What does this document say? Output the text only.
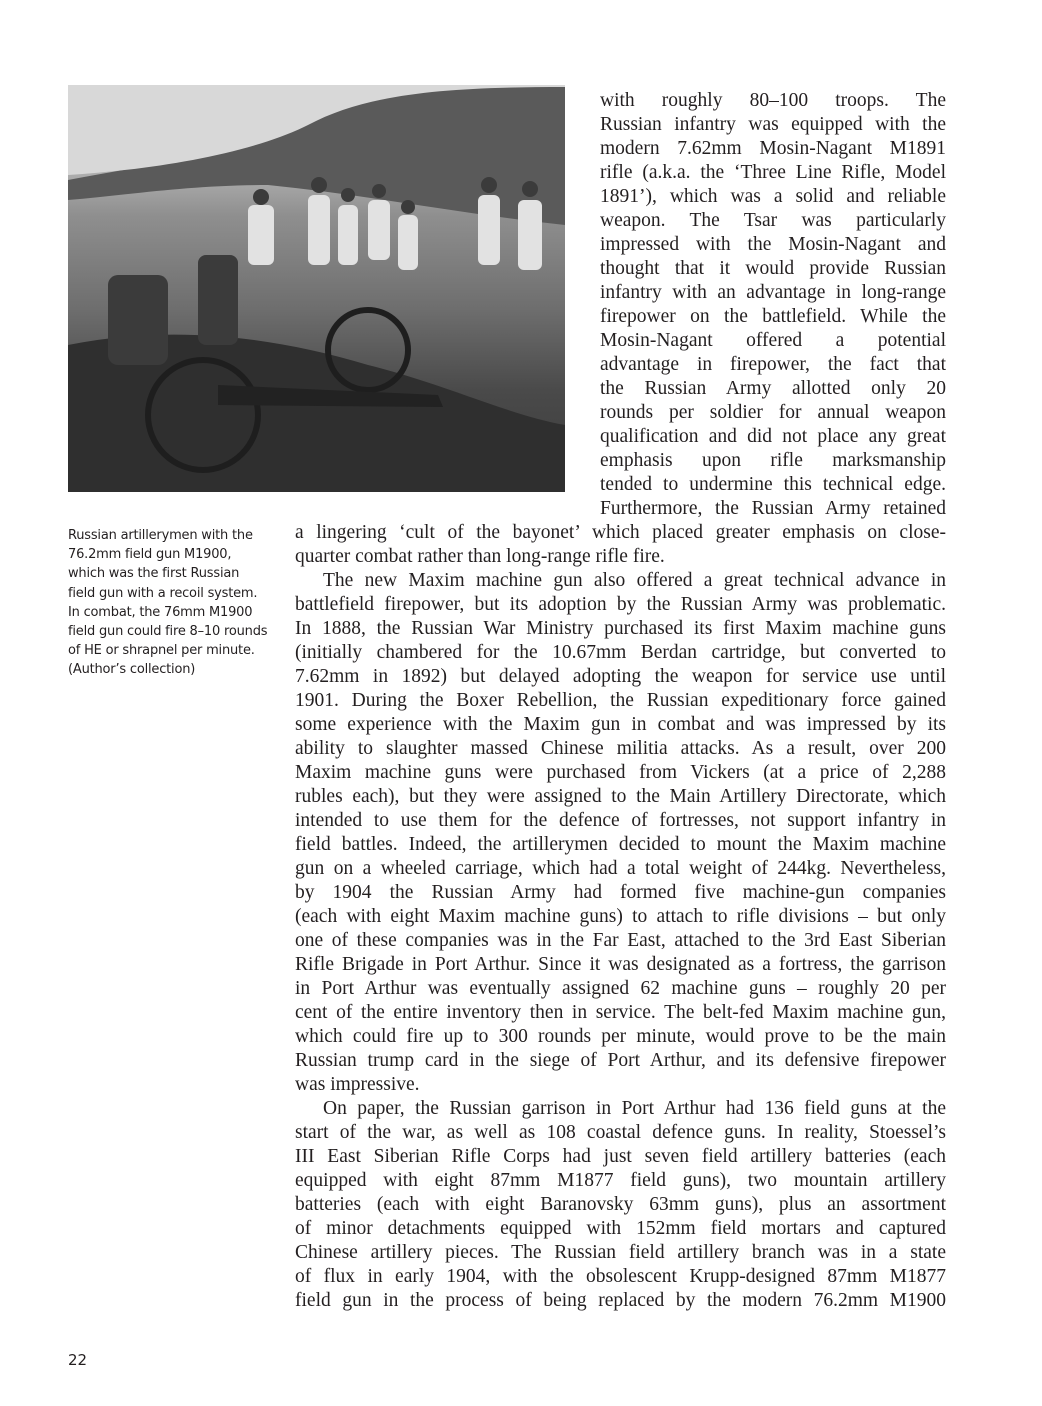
Russian artillerymen with the
76.2mm field gun M1900,
which was the first Russian
field gun with a recoil system.
In combat, the 76mm M1900
field gun could fire 8–10 rounds
of HE or shrapnel per minute.
(Author’s collection)
with roughly 80–100 troops. The
Russian infantry was equipped with the
modern 7.62mm Mosin-Nagant M1891
rifle (a.k.a. the ‘Three Line Rifle, Model
1891’), which was a solid and reliable
weapon. The Tsar was particularly
impressed with the Mosin-Nagant and
thought that it would provide Russian
infantry with an advantage in long-range
firepower on the battlefield. While the
Mosin-Nagant offered a potential
advantage in firepower, the fact that
the Russian Army allotted only 20
rounds per soldier for annual weapon
qualification and did not place any great
emphasis upon rifle marksmanship
tended to undermine this technical edge.
Furthermore, the Russian Army retained
a lingering ‘cult of the bayonet’ which placed greater emphasis on close-
quarter combat rather than long-range rifle fire.
The new Maxim machine gun also offered a great technical advance in
battlefield firepower, but its adoption by the Russian Army was problematic.
In 1888, the Russian War Ministry purchased its first Maxim machine guns
(initially chambered for the 10.67mm Berdan cartridge, but converted to
7.62mm in 1892) but delayed adopting the weapon for service use until
1901. During the Boxer Rebellion, the Russian expeditionary force gained
some experience with the Maxim gun in combat and was impressed by its
ability to slaughter massed Chinese militia attacks. As a result, over 200
Maxim machine guns were purchased from Vickers (at a price of 2,288
rubles each), but they were assigned to the Main Artillery Directorate, which
intended to use them for the defence of fortresses, not support infantry in
field battles. Indeed, the artillerymen decided to mount the Maxim machine
gun on a wheeled carriage, which had a total weight of 244kg. Nevertheless,
by 1904 the Russian Army had formed five machine-gun companies
(each with eight Maxim machine guns) to attach to rifle divisions – but only
one of these companies was in the Far East, attached to the 3rd East Siberian
Rifle Brigade in Port Arthur. Since it was designated as a fortress, the garrison
in Port Arthur was eventually assigned 62 machine guns – roughly 20 per
cent of the entire inventory then in service. The belt-fed Maxim machine gun,
which could fire up to 300 rounds per minute, would prove to be the main
Russian trump card in the siege of Port Arthur, and its defensive firepower
was impressive.
On paper, the Russian garrison in Port Arthur had 136 field guns at the
start of the war, as well as 108 coastal defence guns. In reality, Stoessel’s
III East Siberian Rifle Corps had just seven field artillery batteries (each
equipped with eight 87mm M1877 field guns), two mountain artillery
batteries (each with eight Baranovsky 63mm guns), plus an assortment
of minor detachments equipped with 152mm field mortars and captured
Chinese artillery pieces. The Russian field artillery branch was in a state
of flux in early 1904, with the obsolescent Krupp-designed 87mm M1877
field gun in the process of being replaced by the modern 76.2mm M1900
22
